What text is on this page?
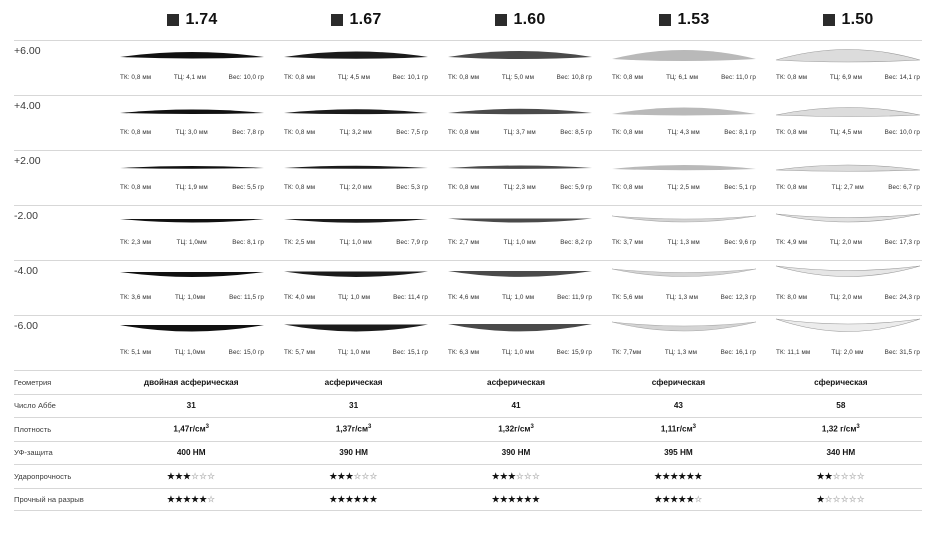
1.74	1.67	1.60	1.53	1.50
+6.00
ТК: 0,8 мм	ТЦ: 4,1 мм	Вес: 10,0 гр	ТК: 0,8 мм	ТЦ: 4,5 мм	Вес: 10,1 гр	ТК: 0,8 мм	ТЦ: 5,0 мм	Вес: 10,8 гр	ТК: 0,8 мм	ТЦ: 6,1 мм	Вес: 11,0 гр	ТК: 0,8 мм	ТЦ: 6,9 мм	Вес: 14,1 гр
+4.00
ТК: 0,8 мм	ТЦ: 3,0 мм	Вес: 7,8 гр	ТК: 0,8 мм	ТЦ: 3,2 мм	Вес: 7,5 гр	ТК: 0,8 мм	ТЦ: 3,7 мм	Вес: 8,5 гр	ТК: 0,8 мм	ТЦ: 4,3 мм	Вес: 8,1 гр	ТК: 0,8 мм	ТЦ: 4,5 мм	Вес: 10,0 гр
+2.00
ТК: 0,8 мм	ТЦ: 1,9 мм	Вес: 5,5 гр	ТК: 0,8 мм	ТЦ: 2,0 мм	Вес: 5,3 гр	ТК: 0,8 мм	ТЦ: 2,3 мм	Вес: 5,9 гр	ТК: 0,8 мм	ТЦ: 2,5 мм	Вес: 5,1 гр	ТК: 0,8 мм	ТЦ: 2,7 мм	Вес: 6,7 гр
-2.00
ТК: 2,3 мм	ТЦ: 1,0мм	Вес: 8,1 гр	ТК: 2,5 мм	ТЦ: 1,0 мм	Вес: 7,9 гр	ТК: 2,7 мм	ТЦ: 1,0 мм	Вес: 8,2 гр	ТК: 3,7 мм	ТЦ: 1,3 мм	Вес: 9,6 гр	ТК: 4,9 мм	ТЦ: 2,0 мм	Вес: 17,3 гр
-4.00
ТК: 3,6 мм	ТЦ: 1,0мм	Вес: 11,5 гр	ТК: 4,0 мм	ТЦ: 1,0 мм	Вес: 11,4 гр	ТК: 4,6 мм	ТЦ: 1,0 мм	Вес: 11,9 гр	ТК: 5,6 мм	ТЦ: 1,3 мм	Вес: 12,3 гр	ТК: 8,0 мм	ТЦ: 2,0 мм	Вес: 24,3 гр
-6.00
ТК: 5,1 мм	ТЦ: 1,0мм	Вес: 15,0 гр	ТК: 5,7 мм	ТЦ: 1,0 мм	Вес: 15,1 гр	ТК: 6,3 мм	ТЦ: 1,0 мм	Вес: 15,9 гр	ТК: 7,7мм	ТЦ: 1,3 мм	Вес: 16,1 гр	ТК: 11,1 мм	ТЦ: 2,0 мм	Вес: 31,5 гр
Геометрия	двойная асферическая	асферическая	асферическая	сферическая	сферическая
Число Аббе	31	31	41	43	58
Плотность	$1,47г/см^3$	$1,37г/см^3$	$1,32г/см^3$	$1,11г/см^3$	1,32 $г/см^3$
УФ-защита	400 НМ	390 НМ	390 НМ	395 НМ	340 НМ
Ударопрочность	★★★☆☆☆	★★★☆☆☆	★★★☆☆☆	★★★★★★	★★☆☆☆☆
Прочный на разрыв	★★★★★☆	★★★★★★	★★★★★★	★★★★★☆	★☆☆☆☆☆
